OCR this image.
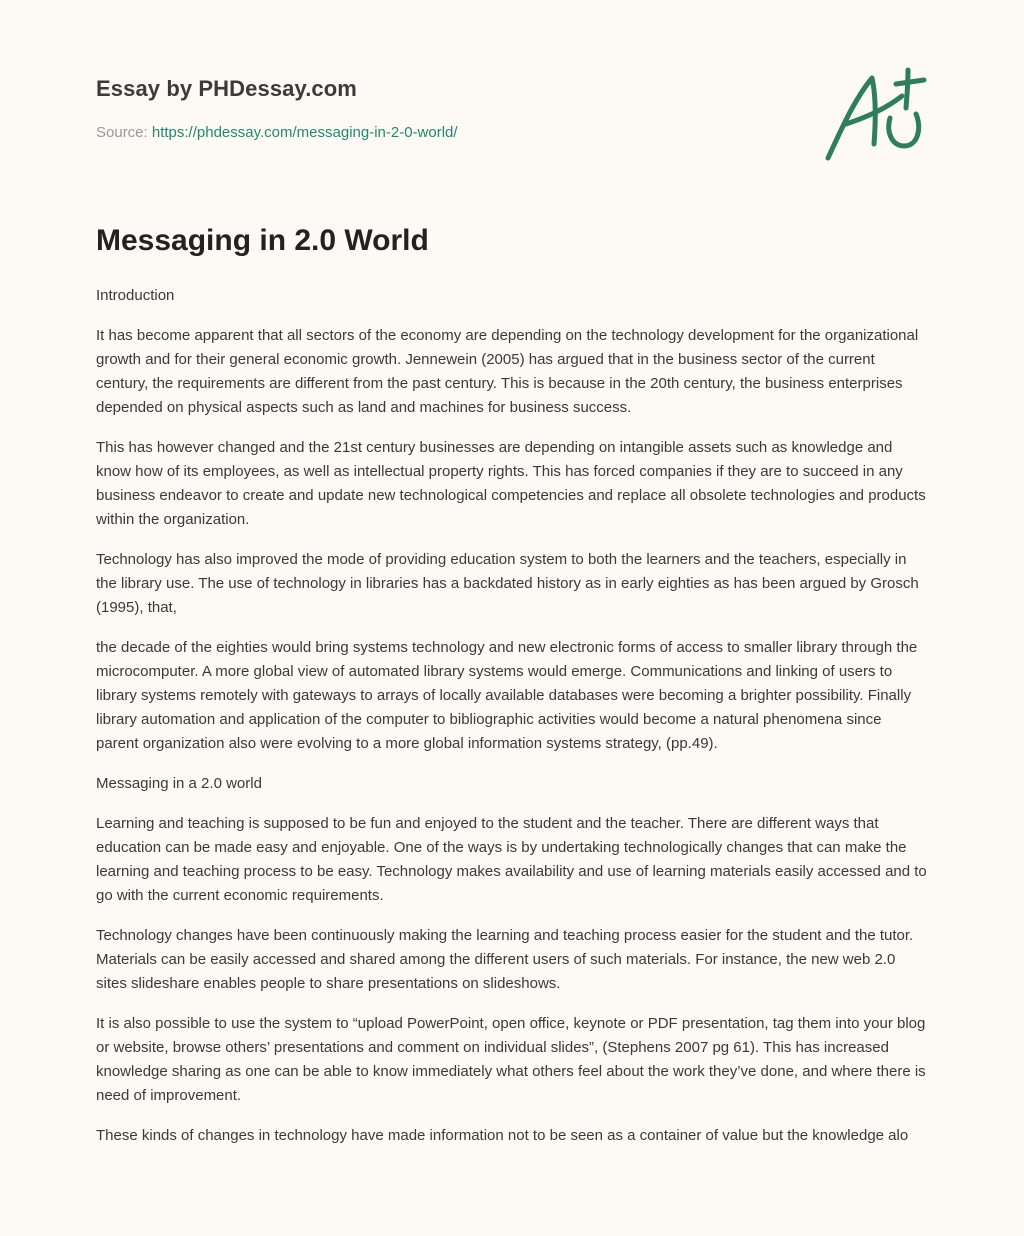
Essay by PHDessay.com

Source: https://phdessay.com/messaging-in-2-0-world/

Messaging in 2.0 World

Introduction

It has become apparent that all sectors of the economy are depending on the technology development for the organizational growth and for their general economic growth. Jennewein (2005) has argued that in the business sector of the current century, the requirements are different from the past century. This is because in the 20th century, the business enterprises depended on physical aspects such as land and machines for business success.

This has however changed and the 21st century businesses are depending on intangible assets such as knowledge and know how of its employees, as well as intellectual property rights. This has forced companies if they are to succeed in any business endeavor to create and update new technological competencies and replace all obsolete technologies and products within the organization.

Technology has also improved the mode of providing education system to both the learners and the teachers, especially in the library use. The use of technology in libraries has a backdated history as in early eighties as has been argued by Grosch (1995), that,

the decade of the eighties would bring systems technology and new electronic forms of access to smaller library through the microcomputer. A more global view of automated library systems would emerge. Communications and linking of users to library systems remotely with gateways to arrays of locally available databases were becoming a brighter possibility. Finally library automation and application of the computer to bibliographic activities would become a natural phenomena since parent organization also were evolving to a more global information systems strategy, (pp.49).

Messaging in a 2.0 world

Learning and teaching is supposed to be fun and enjoyed to the student and the teacher. There are different ways that education can be made easy and enjoyable. One of the ways is by undertaking technologically changes that can make the learning and teaching process to be easy. Technology makes availability and use of learning materials easily accessed and to go with the current economic requirements.

Technology changes have been continuously making the learning and teaching process easier for the student and the tutor. Materials can be easily accessed and shared among the different users of such materials. For instance, the new web 2.0 sites slideshare enables people to share presentations on slideshows.

It is also possible to use the system to “upload PowerPoint, open office, keynote or PDF presentation, tag them into your blog or website, browse others’ presentations and comment on individual slides”, (Stephens 2007 pg 61). This has increased knowledge sharing as one can be able to know immediately what others feel about the work they’ve done, and where there is need of improvement.

These kinds of changes in technology have made information not to be seen as a container of value but the knowledge alo
